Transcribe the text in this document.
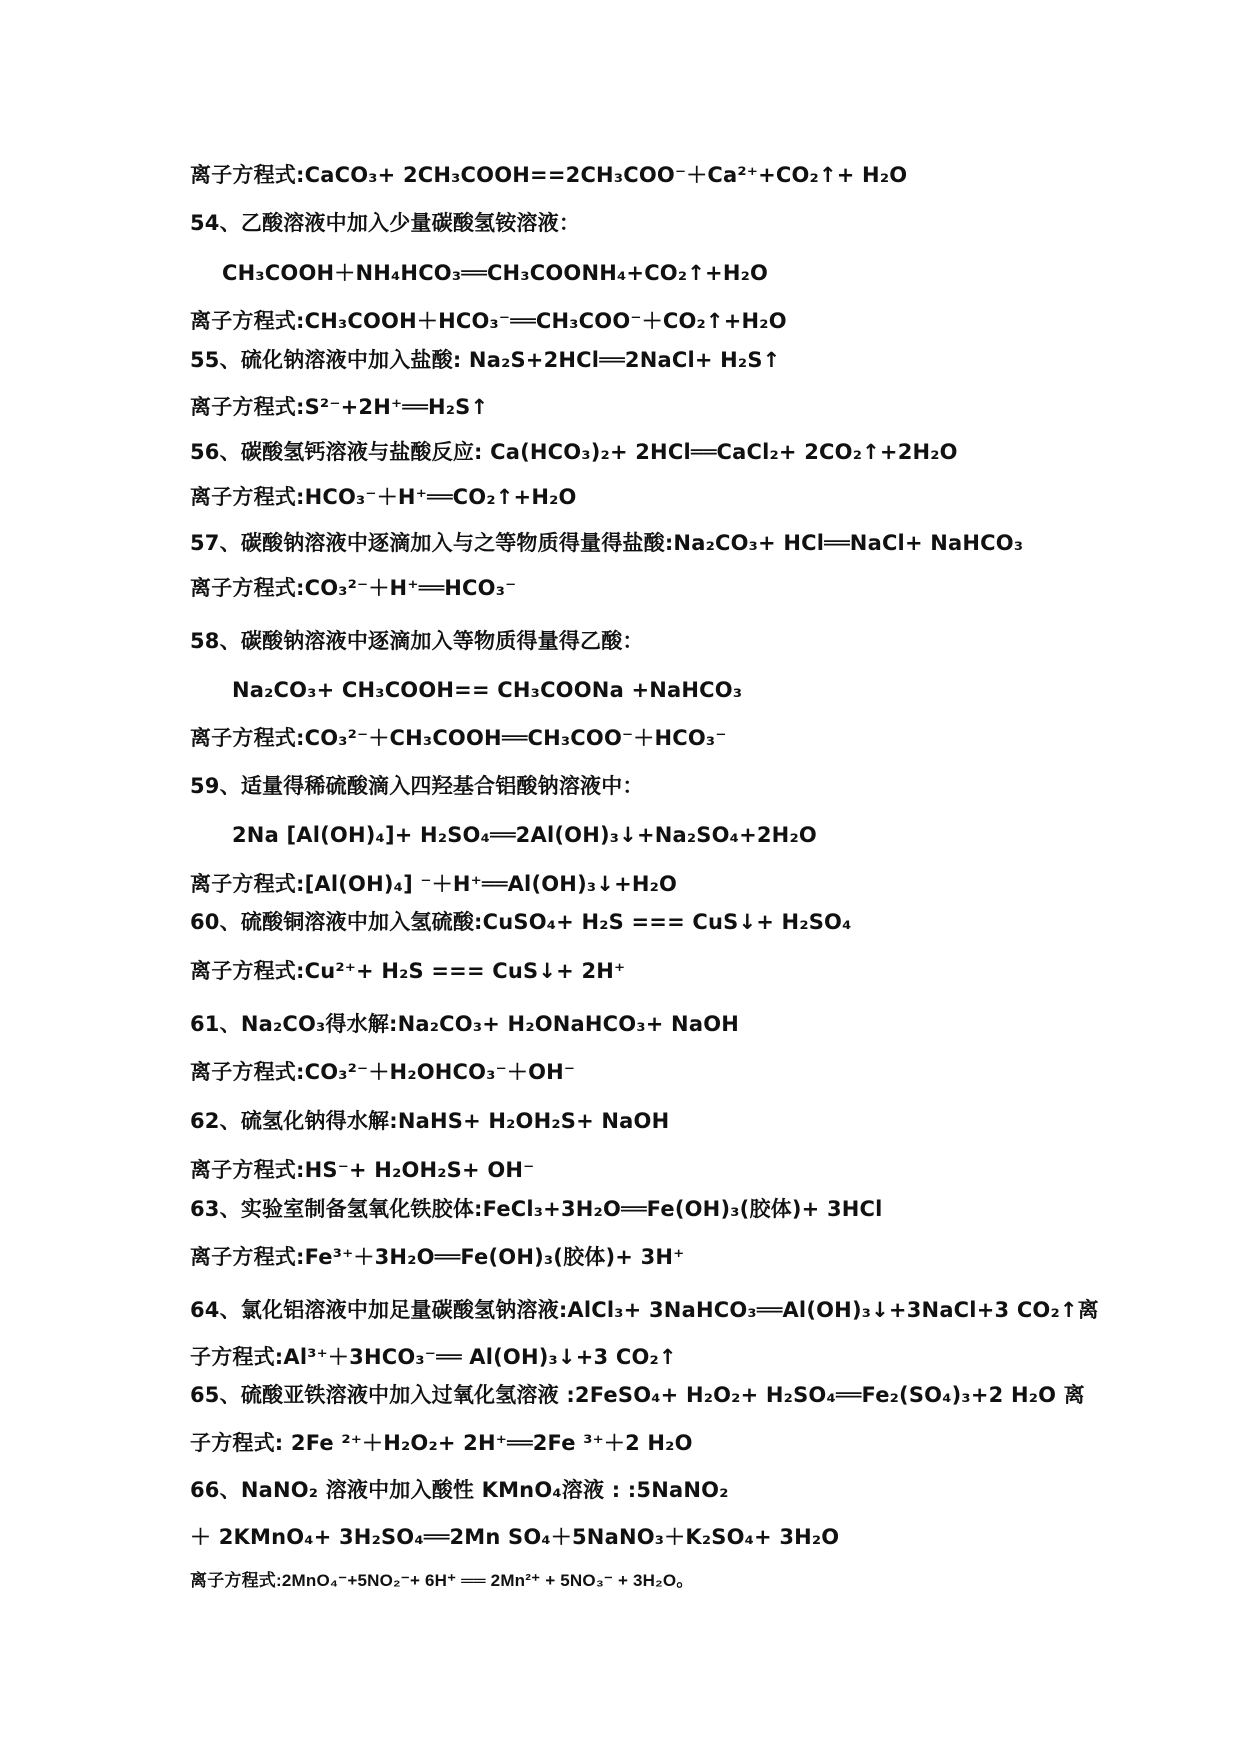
离子方程式:CaCO₃+ 2CH₃COOH==2CH₃COO⁻＋Ca²⁺+CO₂↑+ H₂O
54、乙酸溶液中加入少量碳酸氢铵溶液：
CH₃COOH＋NH₄HCO₃══CH₃COONH₄+CO₂↑+H₂O
离子方程式:CH₃COOH＋HCO₃⁻══CH₃COO⁻＋CO₂↑+H₂O
55、硫化钠溶液中加入盐酸: Na₂S+2HCl══2NaCl+ H₂S↑
离子方程式:S²⁻+2H⁺══H₂S↑
56、碳酸氢钙溶液与盐酸反应: Ca(HCO₃)₂+ 2HCl══CaCl₂+ 2CO₂↑+2H₂O
离子方程式:HCO₃⁻＋H⁺══CO₂↑+H₂O
57、碳酸钠溶液中逐滴加入与之等物质得量得盐酸:Na₂CO₃+ HCl══NaCl+ NaHCO₃
离子方程式:CO₃²⁻＋H⁺══HCO₃⁻
58、碳酸钠溶液中逐滴加入等物质得量得乙酸：
Na₂CO₃+ CH₃COOH== CH₃COONa +NaHCO₃
离子方程式:CO₃²⁻＋CH₃COOH══CH₃COO⁻＋HCO₃⁻
59、适量得稀硫酸滴入四羟基合铝酸钠溶液中：
2Na [Al(OH)₄]+ H₂SO₄══2Al(OH)₃↓+Na₂SO₄+2H₂O
离子方程式:[Al(OH)₄] ⁻＋H⁺══Al(OH)₃↓+H₂O
60、硫酸铜溶液中加入氢硫酸:CuSO₄+ H₂S === CuS↓+ H₂SO₄
离子方程式:Cu²⁺+ H₂S === CuS↓+ 2H⁺
61、Na₂CO₃得水解:Na₂CO₃+ H₂ONaHCO₃+ NaOH
离子方程式:CO₃²⁻＋H₂OHCO₃⁻＋OH⁻
62、硫氢化钠得水解:NaHS+ H₂OH₂S+ NaOH
离子方程式:HS⁻+ H₂OH₂S+ OH⁻
63、实验室制备氢氧化铁胶体:FeCl₃+3H₂O══Fe(OH)₃(胶体)+ 3HCl
离子方程式:Fe³⁺＋3H₂O══Fe(OH)₃(胶体)+ 3H⁺
64、氯化铝溶液中加足量碳酸氢钠溶液:AlCl₃+ 3NaHCO₃══Al(OH)₃↓+3NaCl+3 CO₂↑离
子方程式:Al³⁺＋3HCO₃⁻══ Al(OH)₃↓+3 CO₂↑
65、硫酸亚铁溶液中加入过氧化氢溶液 :2FeSO₄+ H₂O₂+ H₂SO₄══Fe₂(SO₄)₃+2 H₂O 离
子方程式: 2Fe ²⁺＋H₂O₂+ 2H⁺══2Fe ³⁺＋2 H₂O
66、NaNO₂ 溶液中加入酸性 KMnO₄溶液 : :5NaNO₂
＋ 2KMnO₄+ 3H₂SO₄══2Mn SO₄＋5NaNO₃＋K₂SO₄+ 3H₂O
离子方程式:2MnO₄⁻+5NO₂⁻+ 6H⁺ ══ 2Mn²⁺ + 5NO₃⁻ + 3H₂O。
